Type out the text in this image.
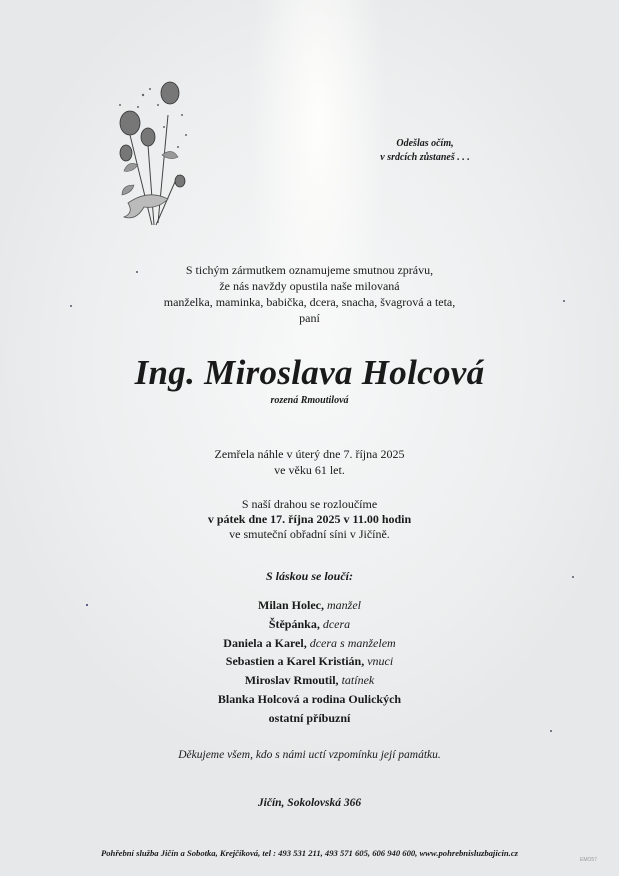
Odešlas očím,
v srdcích zůstaneš . . .
S tichým zármutkem oznamujeme smutnou zprávu,
že nás navždy opustila naše milovaná
manželka, maminka, babička, dcera, snacha, švagrová a teta,
paní
Ing. Miroslava Holcová
rozená Rmoutilová
Zemřela náhle v úterý dne 7. října 2025
ve věku 61 let.
S naší drahou se rozloučíme
v pátek dne 17. října 2025 v 11.00 hodin
ve smuteční obřadní síni v Jičíně.
S láskou se loučí:
Milan Holec, manžel
Štěpánka, dcera
Daniela a Karel, dcera s manželem
Sebastien a Karel Kristián, vnuci
Miroslav Rmoutil, tatínek
Blanka Holcová a rodina Oulických
ostatní příbuzní
Děkujeme všem, kdo s námi uctí vzpomínku její památku.
Jičín, Sokolovská 366
Pohřební služba Jičín a Sobotka, Krejčíková, tel : 493 531 211, 493 571 605, 606 940 600, www.pohrebnisluzbajicin.cz
EMO57
